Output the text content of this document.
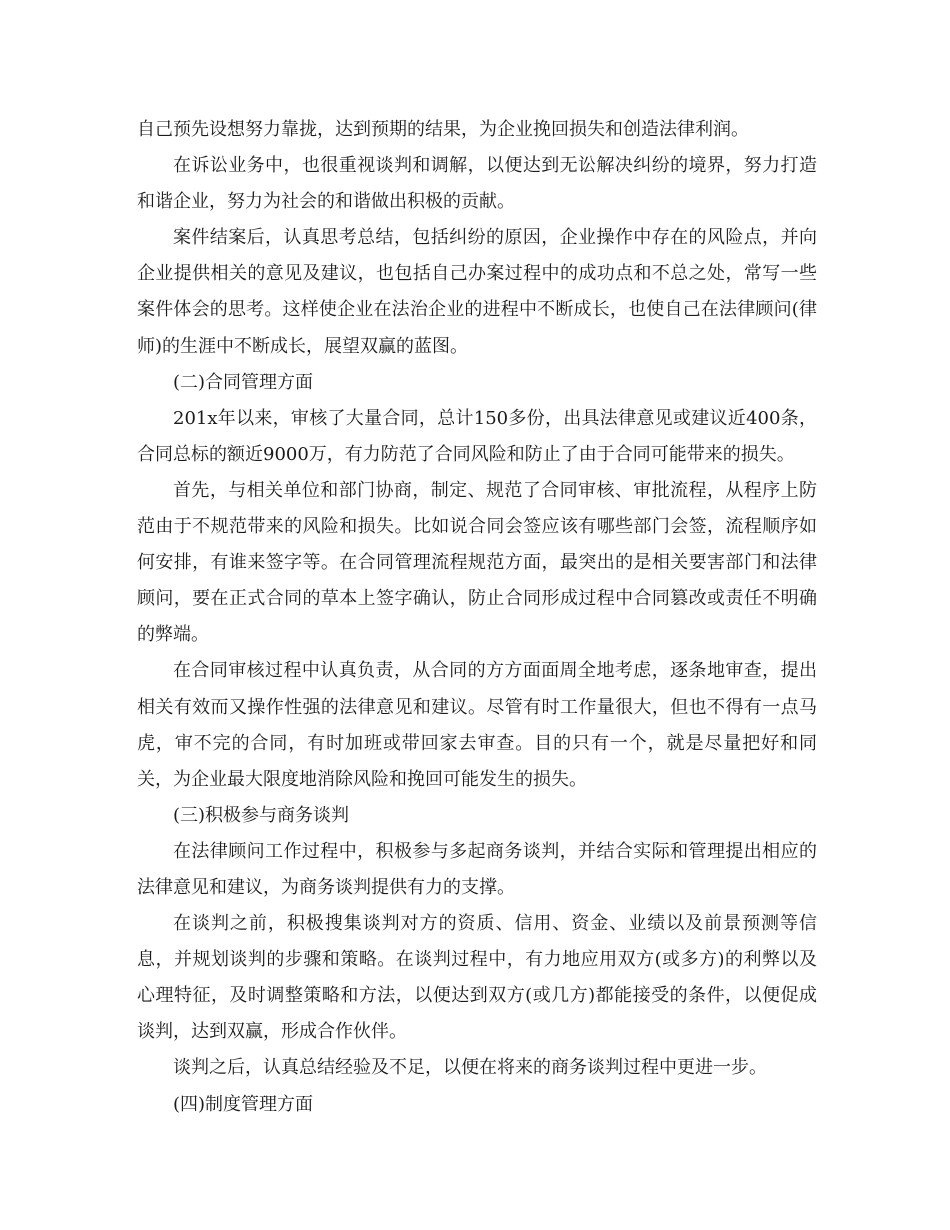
自己预先设想努力靠拢，达到预期的结果，为企业挽回损失和创造法律利润。

在诉讼业务中，也很重视谈判和调解，以便达到无讼解决纠纷的境界，努力打造和谐企业，努力为社会的和谐做出积极的贡献。

案件结案后，认真思考总结，包括纠纷的原因，企业操作中存在的风险点，并向企业提供相关的意见及建议，也包括自己办案过程中的成功点和不总之处，常写一些案件体会的思考。这样使企业在法治企业的进程中不断成长，也使自己在法律顾问(律师)的生涯中不断成长，展望双赢的蓝图。

(二)合同管理方面

201x年以来，审核了大量合同，总计150多份，出具法律意见或建议近400条，合同总标的额近9000万，有力防范了合同风险和防止了由于合同可能带来的损失。

首先，与相关单位和部门协商，制定、规范了合同审核、审批流程，从程序上防范由于不规范带来的风险和损失。比如说合同会签应该有哪些部门会签，流程顺序如何安排，有谁来签字等。在合同管理流程规范方面，最突出的是相关要害部门和法律顾问，要在正式合同的草本上签字确认，防止合同形成过程中合同篡改或责任不明确的弊端。

在合同审核过程中认真负责，从合同的方方面面周全地考虑，逐条地审查，提出相关有效而又操作性强的法律意见和建议。尽管有时工作量很大，但也不得有一点马虎，审不完的合同，有时加班或带回家去审查。目的只有一个，就是尽量把好和同关，为企业最大限度地消除风险和挽回可能发生的损失。

(三)积极参与商务谈判

在法律顾问工作过程中，积极参与多起商务谈判，并结合实际和管理提出相应的法律意见和建议，为商务谈判提供有力的支撑。

在谈判之前，积极搜集谈判对方的资质、信用、资金、业绩以及前景预测等信息，并规划谈判的步骤和策略。在谈判过程中，有力地应用双方(或多方)的利弊以及心理特征，及时调整策略和方法，以便达到双方(或几方)都能接受的条件，以便促成谈判，达到双赢，形成合作伙伴。

谈判之后，认真总结经验及不足，以便在将来的商务谈判过程中更进一步。

(四)制度管理方面
